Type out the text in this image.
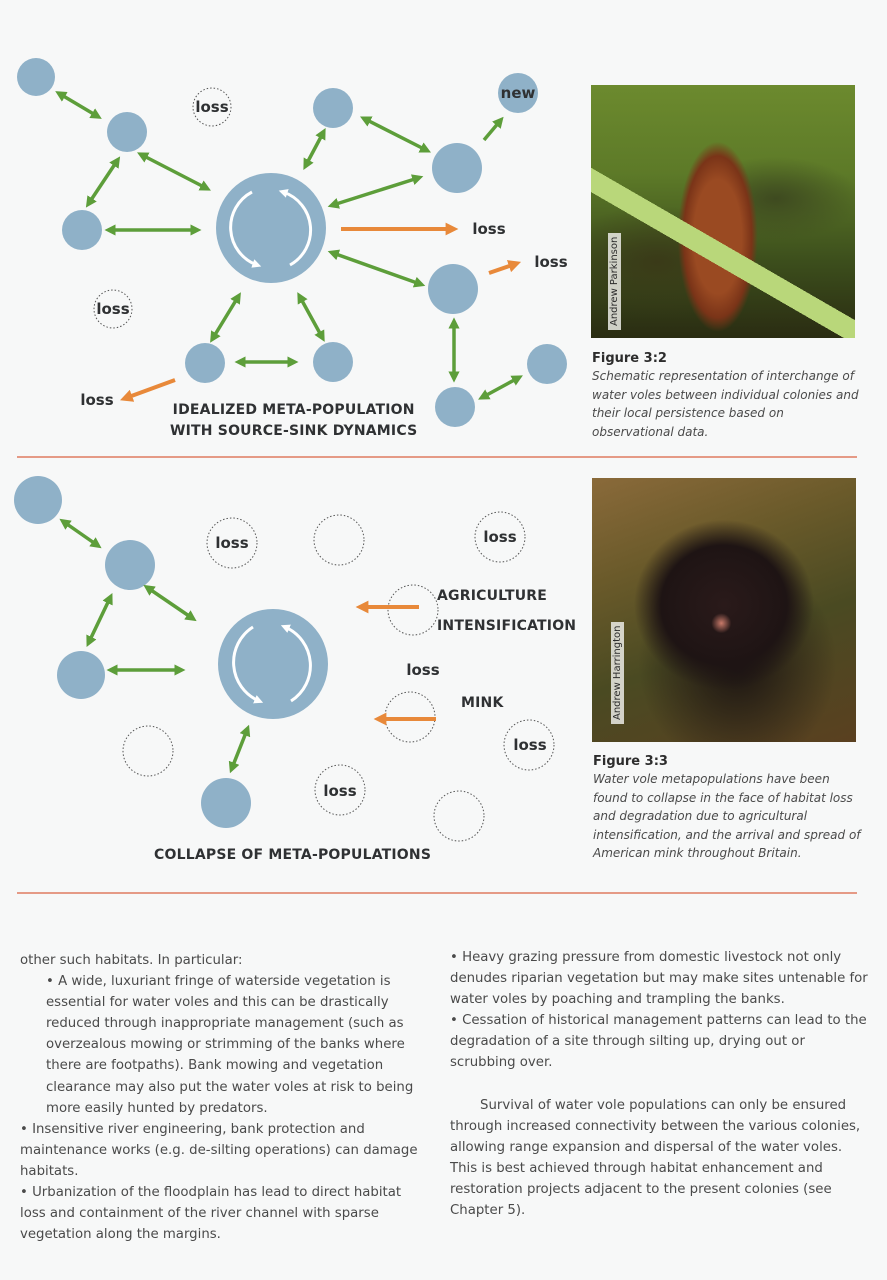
loss
loss
new
loss
loss
loss
IDEALIZED META-POPULATION
WITH SOURCE-SINK DYNAMICS
Andrew Parkinson
Figure 3:2
Schematic representation of interchange of water voles between individual colonies and their local persistence based on observational data.
loss	loss
loss
loss
loss
AGRICULTURE
INTENSIFICATION
MINK
COLLAPSE OF META-POPULATIONS
Andrew Harrington
Figure 3:3
Water vole metapopulations have been found to collapse in the face of habitat loss and degradation due to agricultural intensification, and the arrival and spread of American mink throughout Britain.

other such habitats. In particular:

• A wide, luxuriant fringe of waterside vegetation is essential for water voles and this can be drastically reduced through inappropriate management (such as overzealous mowing or strimming of the banks where there are footpaths). Bank mowing and vegetation clearance may also put the water voles at risk to being more easily hunted by predators.

• Insensitive river engineering, bank protection and maintenance works (e.g. de-silting operations) can damage habitats.

• Urbanization of the floodplain has lead to direct habitat loss and containment of the river channel with sparse vegetation along the margins.

• Heavy grazing pressure from domestic livestock not only denudes riparian vegetation but may make sites untenable for water voles by poaching and trampling the banks.

• Cessation of historical management patterns can lead to the degradation of a site through silting up, drying out or scrubbing over.

Survival of water vole populations can only be ensured through increased connectivity between the various colonies, allowing range expansion and dispersal of the water voles. This is best achieved through habitat enhancement and restoration projects adjacent to the present colonies (see Chapter 5).
